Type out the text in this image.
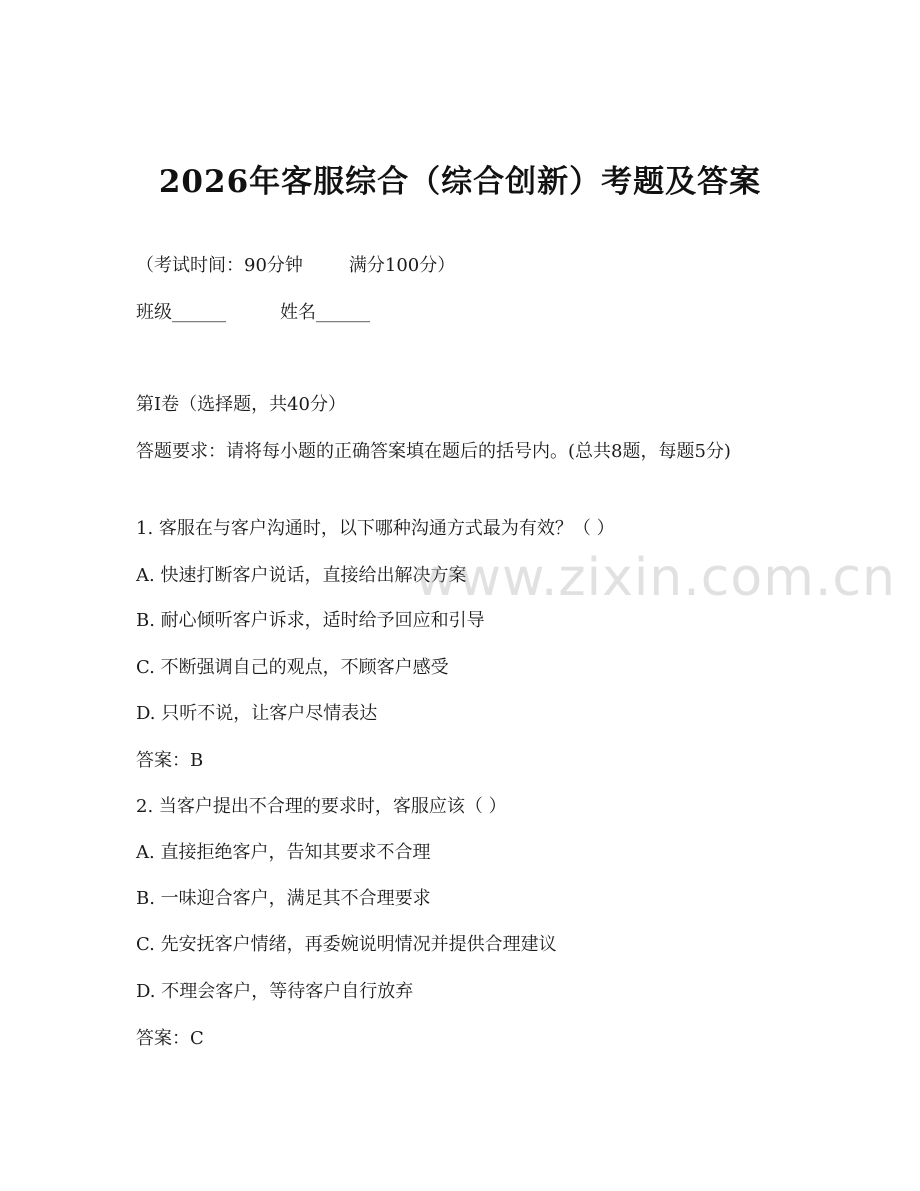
2026年客服综合（综合创新）考题及答案
（考试时间：90分钟	满分100分）
班级______	姓名______
第I卷（选择题，共40分）
答题要求：请将每小题的正确答案填在题后的括号内。(总共8题，每题5分)
1. 客服在与客户沟通时，以下哪种沟通方式最为有效？（ ）
A. 快速打断客户说话，直接给出解决方案
B. 耐心倾听客户诉求，适时给予回应和引导
C. 不断强调自己的观点，不顾客户感受
D. 只听不说，让客户尽情表达
答案：B
2. 当客户提出不合理的要求时，客服应该（ ）
A. 直接拒绝客户，告知其要求不合理
B. 一味迎合客户，满足其不合理要求
C. 先安抚客户情绪，再委婉说明情况并提供合理建议
D. 不理会客户，等待客户自行放弃
答案：C
www.zixin.com.cn
